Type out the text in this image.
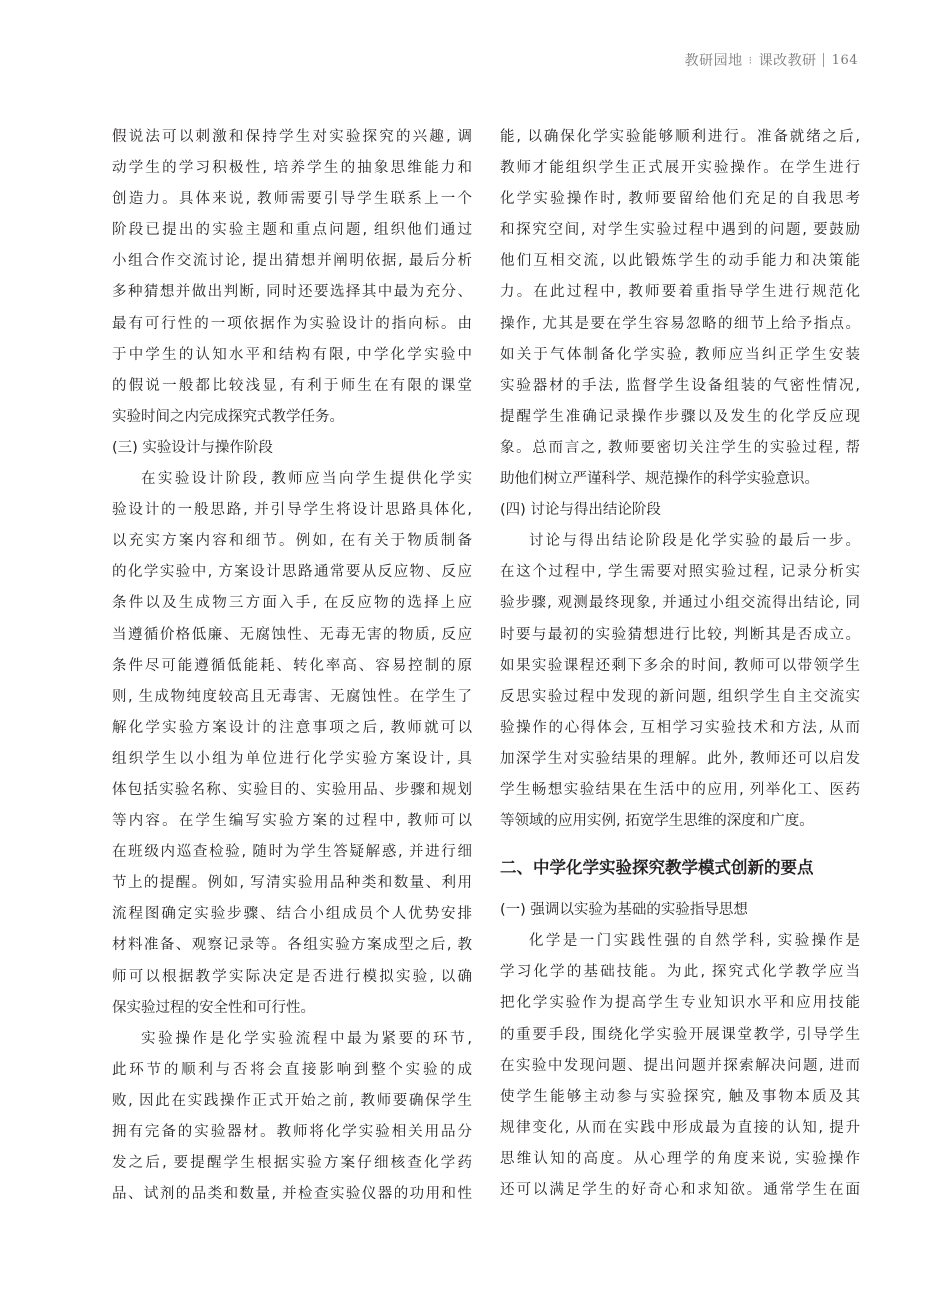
教研园地 ⁝ 课改教研 164
假说法可以刺激和保持学生对实验探究的兴趣, 调
动学生的学习积极性, 培养学生的抽象思维能力和
创造力。具体来说, 教师需要引导学生联系上一个
阶段已提出的实验主题和重点问题, 组织他们通过
小组合作交流讨论, 提出猜想并阐明依据, 最后分析
多种猜想并做出判断, 同时还要选择其中最为充分、
最有可行性的一项依据作为实验设计的指向标。由
于中学生的认知水平和结构有限, 中学化学实验中
的假说一般都比较浅显, 有利于师生在有限的课堂
实验时间之内完成探究式教学任务。
(三) 实验设计与操作阶段
在实验设计阶段, 教师应当向学生提供化学实
验设计的一般思路, 并引导学生将设计思路具体化,
以充实方案内容和细节。例如, 在有关于物质制备
的化学实验中, 方案设计思路通常要从反应物、反应
条件以及生成物三方面入手, 在反应物的选择上应
当遵循价格低廉、无腐蚀性、无毒无害的物质, 反应
条件尽可能遵循低能耗、转化率高、容易控制的原
则, 生成物纯度较高且无毒害、无腐蚀性。在学生了
解化学实验方案设计的注意事项之后, 教师就可以
组织学生以小组为单位进行化学实验方案设计, 具
体包括实验名称、实验目的、实验用品、步骤和规划
等内容。在学生编写实验方案的过程中, 教师可以
在班级内巡查检验, 随时为学生答疑解惑, 并进行细
节上的提醒。例如, 写清实验用品种类和数量、利用
流程图确定实验步骤、结合小组成员个人优势安排
材料准备、观察记录等。各组实验方案成型之后, 教
师可以根据教学实际决定是否进行模拟实验, 以确
保实验过程的安全性和可行性。
实验操作是化学实验流程中最为紧要的环节,
此环节的顺利与否将会直接影响到整个实验的成
败, 因此在实践操作正式开始之前, 教师要确保学生
拥有完备的实验器材。教师将化学实验相关用品分
发之后, 要提醒学生根据实验方案仔细核查化学药
品、试剂的品类和数量, 并检查实验仪器的功用和性
能, 以确保化学实验能够顺利进行。准备就绪之后,
教师才能组织学生正式展开实验操作。在学生进行
化学实验操作时, 教师要留给他们充足的自我思考
和探究空间, 对学生实验过程中遇到的问题, 要鼓励
他们互相交流, 以此锻炼学生的动手能力和决策能
力。在此过程中, 教师要着重指导学生进行规范化
操作, 尤其是要在学生容易忽略的细节上给予指点。
如关于气体制备化学实验, 教师应当纠正学生安装
实验器材的手法, 监督学生设备组装的气密性情况,
提醒学生准确记录操作步骤以及发生的化学反应现
象。总而言之, 教师要密切关注学生的实验过程, 帮
助他们树立严谨科学、规范操作的科学实验意识。
(四) 讨论与得出结论阶段
讨论与得出结论阶段是化学实验的最后一步。
在这个过程中, 学生需要对照实验过程, 记录分析实
验步骤, 观测最终现象, 并通过小组交流得出结论, 同
时要与最初的实验猜想进行比较, 判断其是否成立。
如果实验课程还剩下多余的时间, 教师可以带领学生
反思实验过程中发现的新问题, 组织学生自主交流实
验操作的心得体会, 互相学习实验技术和方法, 从而
加深学生对实验结果的理解。此外, 教师还可以启发
学生畅想实验结果在生活中的应用, 列举化工、医药
等领域的应用实例, 拓宽学生思维的深度和广度。
二、中学化学实验探究教学模式创新的要点
(一) 强调以实验为基础的实验指导思想
化学是一门实践性强的自然学科, 实验操作是
学习化学的基础技能。为此, 探究式化学教学应当
把化学实验作为提高学生专业知识水平和应用技能
的重要手段, 围绕化学实验开展课堂教学, 引导学生
在实验中发现问题、提出问题并探索解决问题, 进而
使学生能够主动参与实验探究, 触及事物本质及其
规律变化, 从而在实践中形成最为直接的认知, 提升
思维认知的高度。从心理学的角度来说, 实验操作
还可以满足学生的好奇心和求知欲。通常学生在面
